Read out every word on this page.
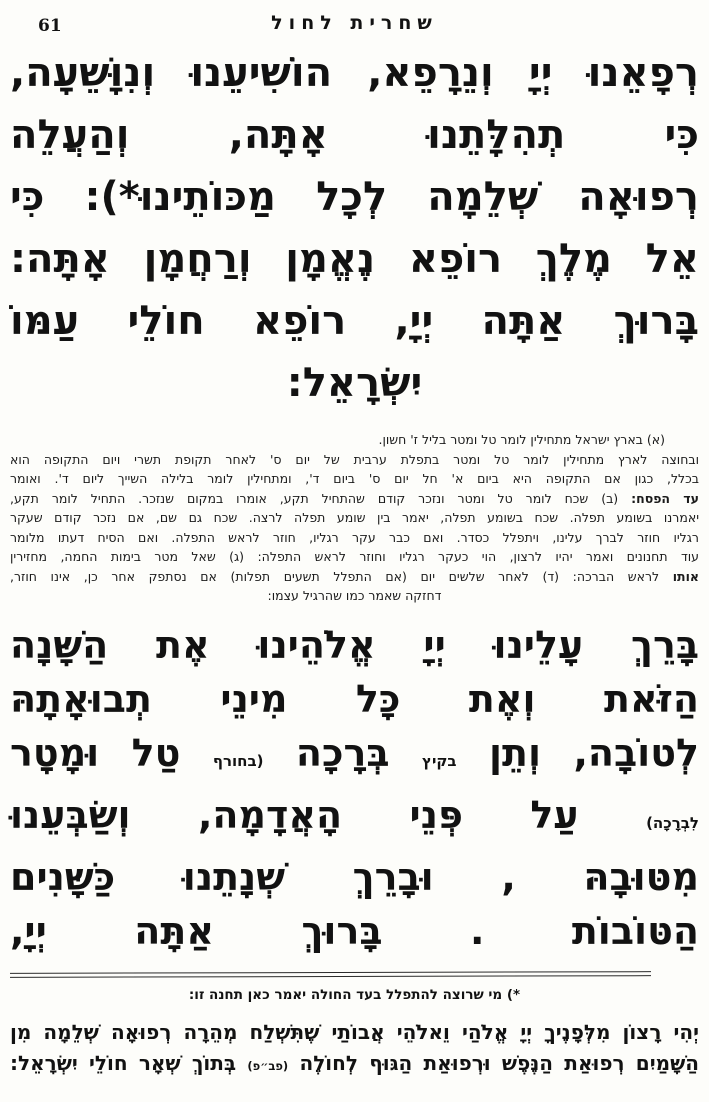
61	שחרית לחול
רְפָאֵנוּ יְיָ וְנֵרָפֵא, הוֹשִׁיעֵנוּ וְנִוָּשֵׁעָה,
כִּי תְהִלָּתֵנוּ אָתָּה, וְהַעֲלֵה
רְפוּאָה שְׁלֵמָה לְכָל מַכּוֹתֵינוּ*): כִּי
אֵל מֶלֶךְ רוֹפֵא נֶאֱמָן וְרַחֲמָן אָתָּה:
בָּרוּךְ אַתָּה יְיָ, רוֹפֵא חוֹלֵי עַמּוֹ
יִשְׂרָאֵל:
(א) בארץ ישראל מתחילין לומר טל ומטר בליל ז' חשון.
ובחוצה לארץ מתחילין לומר טל ומטר בתפלת ערבית של יום ס' לאחר תקופת תשרי ויום התקופה הוא
בכלל, כגון אם התקופה היא ביום א' חל יום ס' ביום ד', ומתחילין לומר בלילה השייך ליום ד'. ואומר
עד הפסח: (ב) שכח לומר טל ומטר ונזכר קודם שהתחיל תקע, אומרו במקום שנזכר. התחיל לומר תקע,
יאמרנו בשומע תפלה. שכח בשומע תפלה, יאמר בין שומע תפלה לרצה. שכח גם שם, אם נזכר קודם שעקר
רגליו חוזר לברך עלינו, ויתפלל כסדר. ואם כבר עקר רגליו, חוזר לראש התפלה. ואם הסיח דעתו מלומר
עוד תחנונים ואמר יהיו לרצון, הוי כעקר רגליו וחוזר לראש התפלה: (ג) שאל מטר בימות החמה, מחזירין
אותו לראש הברכה: (ד) לאחר שלשים יום (אם התפלל תשעים תפלות) אם נסתפק אחר כן, אינו חוזר,
דחזקה שאמר כמו שהרגיל עצמו:
בָּרֵךְ עָלֵינוּ יְיָ אֱלֹהֵינוּ אֶת הַשָּׁנָה
הַזֹּאת וְאֶת כָּל מִינֵי תְבוּאָתָהּ
לְטוֹבָה, וְתֵן בקיץ בְּרָכָה (בחורף טַל וּמָטָר
לִבְרָכָה) עַל פְּנֵי הָאֲדָמָה, וְשַׂבְּעֵנוּ
מִטּוּבָהּ , וּבָרֵךְ שְׁנָתֵנוּ כַּשָּׁנִים
הַטּוֹבוֹת . בָּרוּךְ אַתָּה יְיָ,
*) מי שרוצה להתפלל בעד החולה יאמר כאן תחנה זו:
יְהִי רָצוֹן מִלְּפָנֶיךָ יְיָ אֱלֹהַי וֵאלֹהֵי אֲבוֹתַי שֶׁתִּשְׁלַח מְהֵרָה רְפוּאָה שְׁלֵמָה מִן
הַשָּׁמַיִם רְפוּאַת הַנֶּפֶשׁ וּרְפוּאַת הַגּוּף לְחוֹלֶה (פב״פ) בְּתוֹךְ שְׁאָר חוֹלֵי יִשְׂרָאֵל:
